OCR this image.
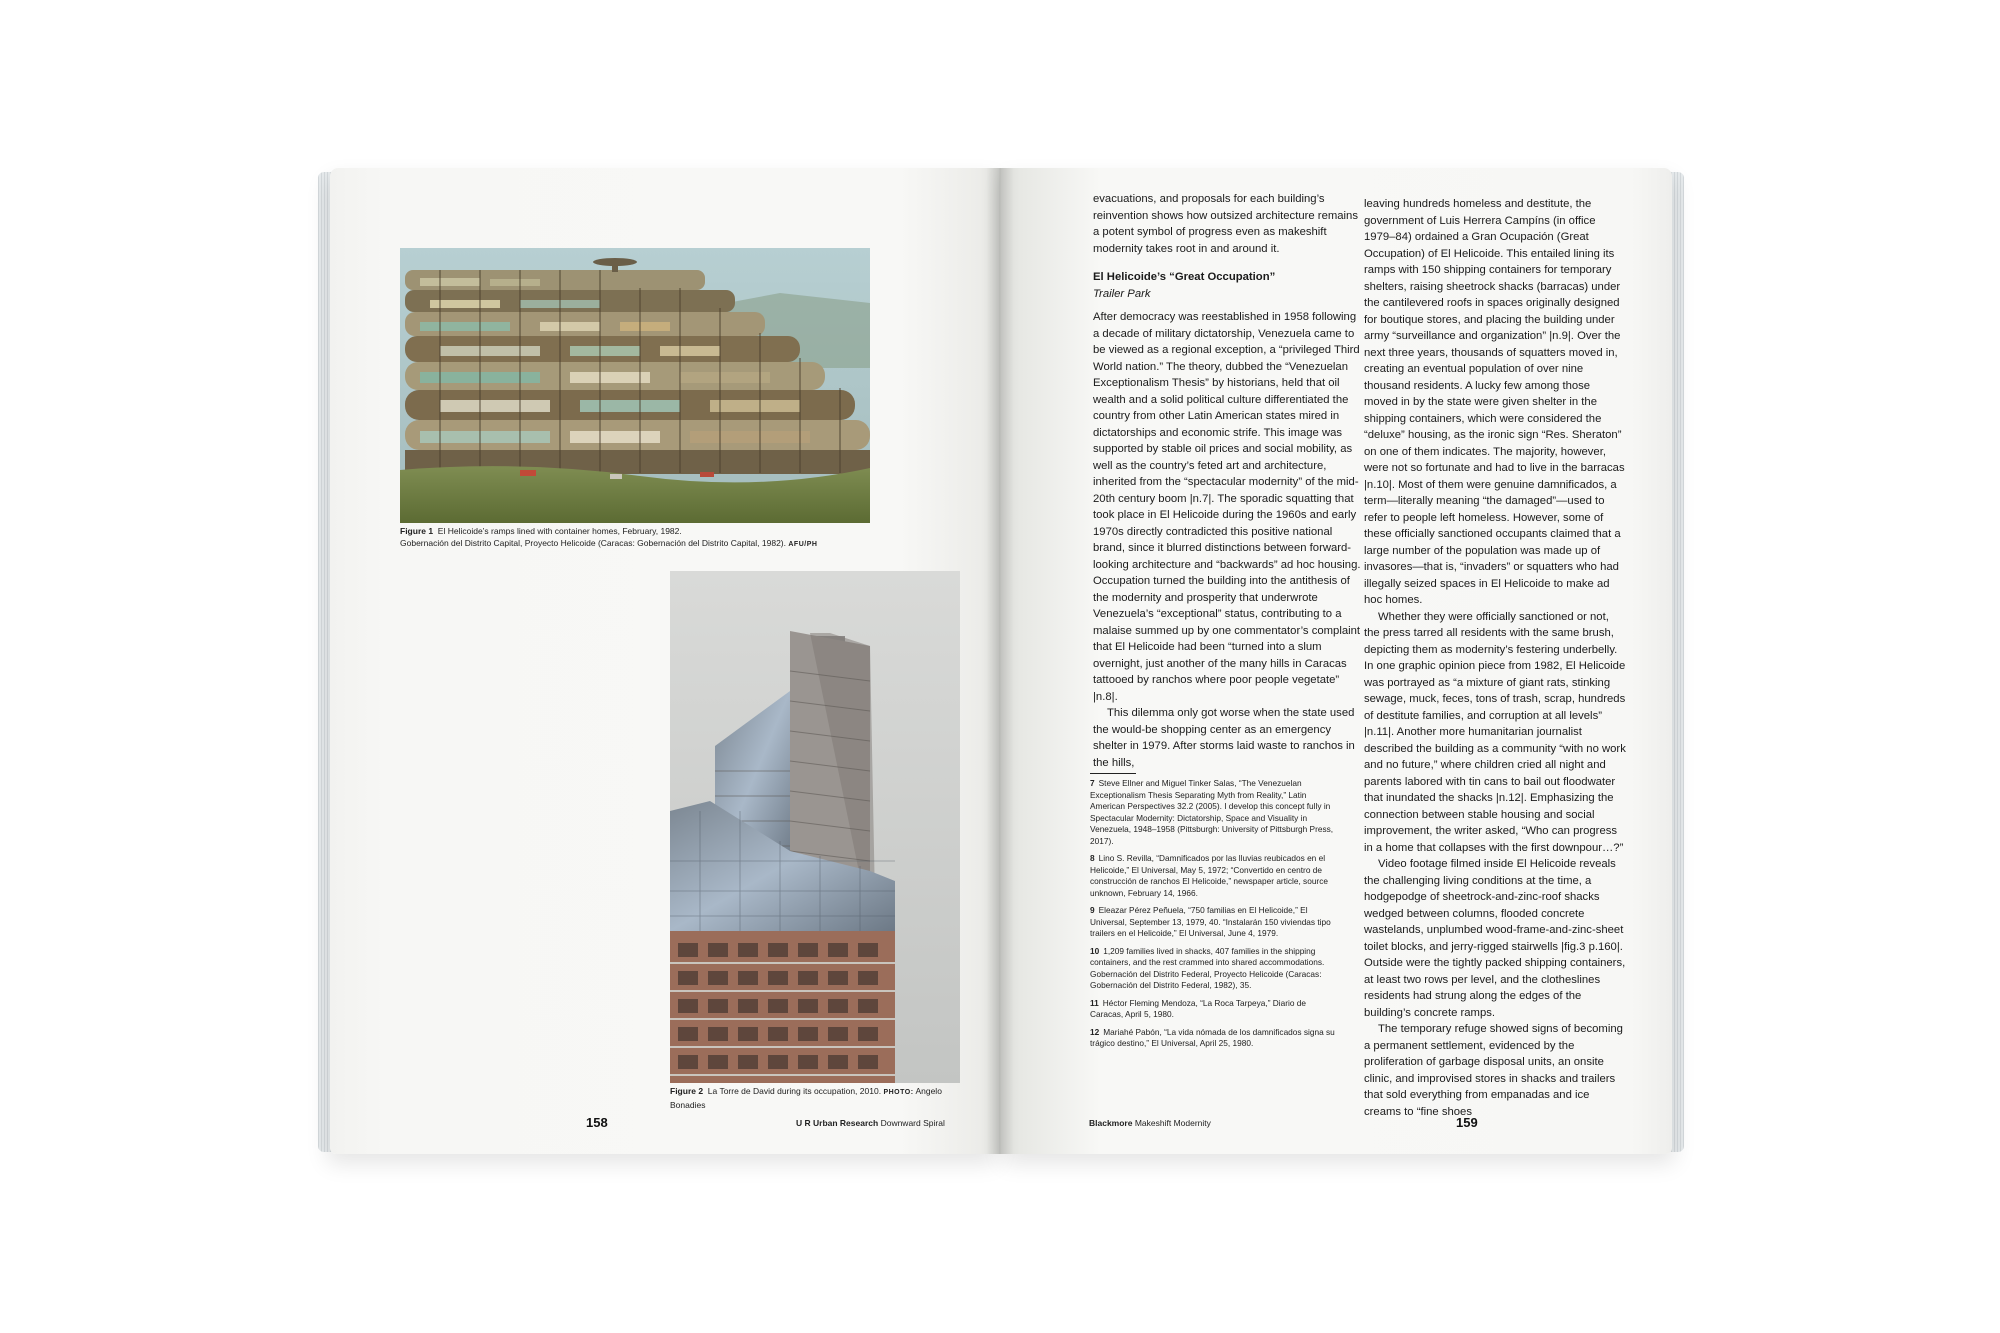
Figure 1 El Helicoide’s ramps lined with container homes, February, 1982.
Gobernación del Distrito Capital, Proyecto Helicoide (Caracas: Gobernación del Distrito Capital, 1982). AFU/PH
Figure 2 La Torre de David during its occupation, 2010. PHOTO: Angelo Bonadies

evacuations, and proposals for each building’s reinvention shows how outsized architecture remains a potent symbol of progress even as makeshift modernity takes root in and around it.

El Helicoide’s “Great Occupation”

Trailer Park

After democracy was reestablished in 1958 following a decade of military dictatorship, Venezuela came to be viewed as a regional exception, a “privileged Third World nation.” The theory, dubbed the “Venezuelan Exceptionalism Thesis” by historians, held that oil wealth and a solid political culture differentiated the country from other Latin American states mired in dictatorships and economic strife. This image was supported by stable oil prices and social mobility, as well as the country’s feted art and architecture, inherited from the “spectacular modernity” of the mid-20th century boom |n.7|. The sporadic squatting that took place in El Helicoide during the 1960s and early 1970s directly contradicted this positive national brand, since it blurred distinctions between forward-looking architecture and “backwards” ad hoc housing. Occupation turned the building into the antithesis of the modernity and prosperity that underwrote Venezuela’s “exceptional” status, contributing to a malaise summed up by one commentator’s complaint that El Helicoide had been “turned into a slum overnight, just another of the many hills in Caracas tattooed by ranchos where poor people vegetate” |n.8|.

This dilemma only got worse when the state used the would-be shopping center as an emergency shelter in 1979. After storms laid waste to ranchos in the hills,

leaving hundreds homeless and destitute, the government of Luis Herrera Campíns (in office 1979–84) ordained a Gran Ocupación (Great Occupation) of El Helicoide. This entailed lining its ramps with 150 shipping containers for temporary shelters, raising sheetrock shacks (barracas) under the cantilevered roofs in spaces originally designed for boutique stores, and placing the building under army “surveillance and organization” |n.9|. Over the next three years, thousands of squatters moved in, creating an eventual population of over nine thousand residents. A lucky few among those moved in by the state were given shelter in the shipping containers, which were considered the “deluxe” housing, as the ironic sign “Res. Sheraton” on one of them indicates. The majority, however, were not so fortunate and had to live in the barracas |n.10|. Most of them were genuine damnificados, a term—literally meaning “the damaged”—used to refer to people left homeless. However, some of these officially sanctioned occupants claimed that a large number of the population was made up of invasores—that is, “invaders” or squatters who had illegally seized spaces in El Helicoide to make ad hoc homes.

Whether they were officially sanctioned or not, the press tarred all residents with the same brush, depicting them as modernity’s festering underbelly. In one graphic opinion piece from 1982, El Helicoide was portrayed as “a mixture of giant rats, stinking sewage, muck, feces, tons of trash, scrap, hundreds of destitute families, and corruption at all levels” |n.11|. Another more humanitarian journalist described the building as a community “with no work and no future,” where children cried all night and parents labored with tin cans to bail out floodwater that inundated the shacks |n.12|. Emphasizing the connection between stable housing and social improvement, the writer asked, “Who can progress in a home that collapses with the first downpour…?”

Video footage filmed inside El Helicoide reveals the challenging living conditions at the time, a hodgepodge of sheetrock-and-zinc-roof shacks wedged between columns, flooded concrete wastelands, unplumbed wood-frame-and-zinc-sheet toilet blocks, and jerry-rigged stairwells |fig.3 p.160|. Outside were the tightly packed shipping containers, at least two rows per level, and the clotheslines residents had strung along the edges of the building’s concrete ramps.

The temporary refuge showed signs of becoming a permanent settlement, evidenced by the proliferation of garbage disposal units, an onsite clinic, and improvised stores in shacks and trailers that sold everything from empanadas and ice creams to “fine shoes

7 Steve Ellner and Miguel Tinker Salas, “The Venezuelan Exceptionalism Thesis Separating Myth from Reality,” Latin American Perspectives 32.2 (2005). I develop this concept fully in Spectacular Modernity: Dictatorship, Space and Visuality in Venezuela, 1948–1958 (Pittsburgh: University of Pittsburgh Press, 2017).

8 Lino S. Revilla, “Damnificados por las lluvias reubicados en el Helicoide,” El Universal, May 5, 1972; “Convertido en centro de construcción de ranchos El Helicoide,” newspaper article, source unknown, February 14, 1966.

9 Eleazar Pérez Peñuela, “750 familias en El Helicoide,” El Universal, September 13, 1979, 40. “Instalarán 150 viviendas tipo trailers en el Helicoide,” El Universal, June 4, 1979.

10 1,209 families lived in shacks, 407 families in the shipping containers, and the rest crammed into shared accommodations. Gobernación del Distrito Federal, Proyecto Helicoide (Caracas: Gobernación del Distrito Federal, 1982), 35.

11 Héctor Fleming Mendoza, “La Roca Tarpeya,” Diario de Caracas, April 5, 1980.

12 Mariahé Pabón, “La vida nómada de los damnificados signa su trágico destino,” El Universal, April 25, 1980.

158	U R Urban Research Downward Spiral	Blackmore Makeshift Modernity	159
